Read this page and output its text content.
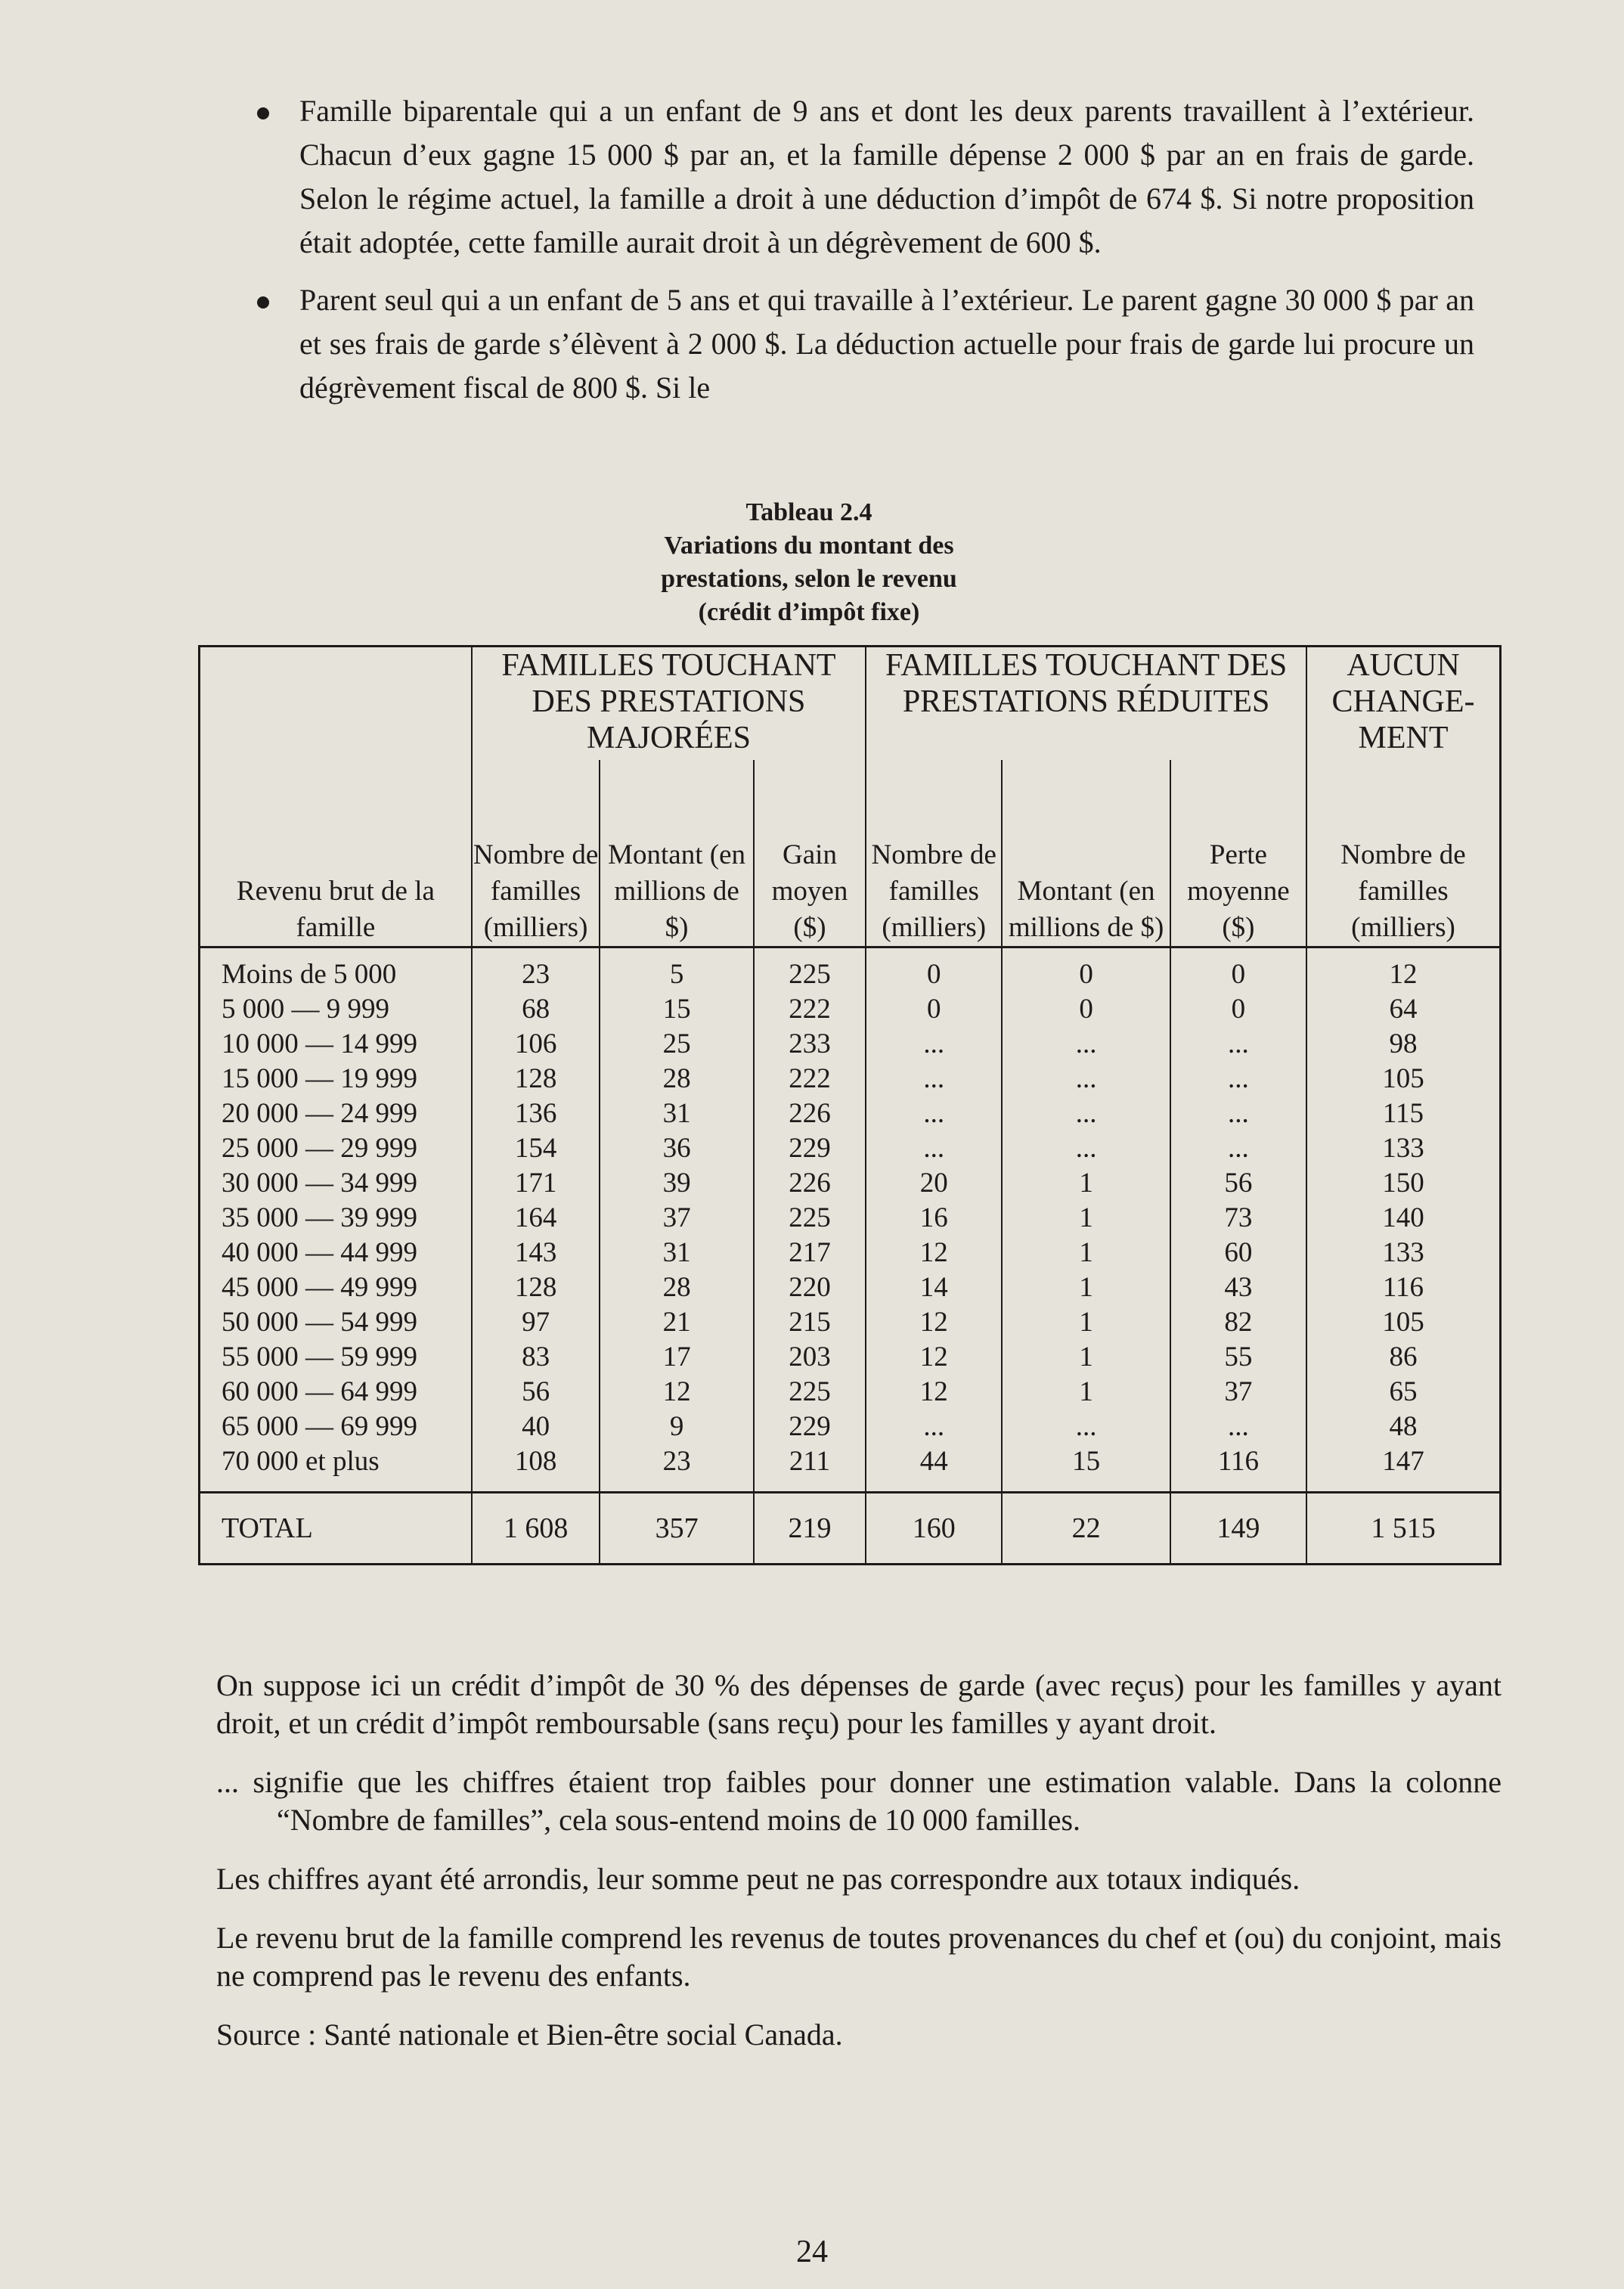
Famille biparentale qui a un enfant de 9 ans et dont les deux parents travaillent à l’extérieur. Chacun d’eux gagne 15 000 $ par an, et la famille dépense 2 000 $ par an en frais de garde. Selon le régime actuel, la famille a droit à une déduction d’impôt de 674 $. Si notre proposition était adoptée, cette famille aurait droit à un dégrèvement de 600 $.
Parent seul qui a un enfant de 5 ans et qui travaille à l’extérieur. Le parent gagne 30 000 $ par an et ses frais de garde s’élèvent à 2 000 $. La déduction actuelle pour frais de garde lui procure un dégrèvement fiscal de 800 $. Si le
Tableau 2.4
Variations du montant des
prestations, selon le revenu
(crédit d’impôt fixe)
	FAMILLES TOUCHANT DES PRESTATIONS MAJORÉES			FAMILLES TOUCHANT DES PRESTATIONS RÉDUITES			AUCUN CHANGE- MENT
Revenu brut de la famille	Nombre de familles (milliers)	Montant (en millions de $)	Gain moyen ($)	Nombre de familles (milliers)	Montant (en millions de $)	Perte moyenne ($)	Nombre de familles (milliers)

Moins de 5 000	23	5	225	0	0	0	12
5 000 — 9 999	68	15	222	0	0	0	64
10 000 — 14 999	106	25	233	...	...	...	98
15 000 — 19 999	128	28	222	...	...	...	105
20 000 — 24 999	136	31	226	...	...	...	115
25 000 — 29 999	154	36	229	...	...	...	133
30 000 — 34 999	171	39	226	20	1	56	150
35 000 — 39 999	164	37	225	16	1	73	140
40 000 — 44 999	143	31	217	12	1	60	133
45 000 — 49 999	128	28	220	14	1	43	116
50 000 — 54 999	97	21	215	12	1	82	105
55 000 — 59 999	83	17	203	12	1	55	86
60 000 — 64 999	56	12	225	12	1	37	65
65 000 — 69 999	40	9	229	...	...	...	48
70 000 et plus	108	23	211	44	15	116	147
TOTAL	1 608	357	219	160	22	149	1 515

On suppose ici un crédit d’impôt de 30 % des dépenses de garde (avec reçus) pour les familles y ayant droit, et un crédit d’impôt remboursable (sans reçu) pour les familles y ayant droit.

... signifie que les chiffres étaient trop faibles pour donner une estimation valable. Dans la colonne “Nombre de familles”, cela sous-entend moins de 10 000 familles.

Les chiffres ayant été arrondis, leur somme peut ne pas correspondre aux totaux indiqués.

Le revenu brut de la famille comprend les revenus de toutes provenances du chef et (ou) du conjoint, mais ne comprend pas le revenu des enfants.

Source : Santé nationale et Bien-être social Canada.

24
